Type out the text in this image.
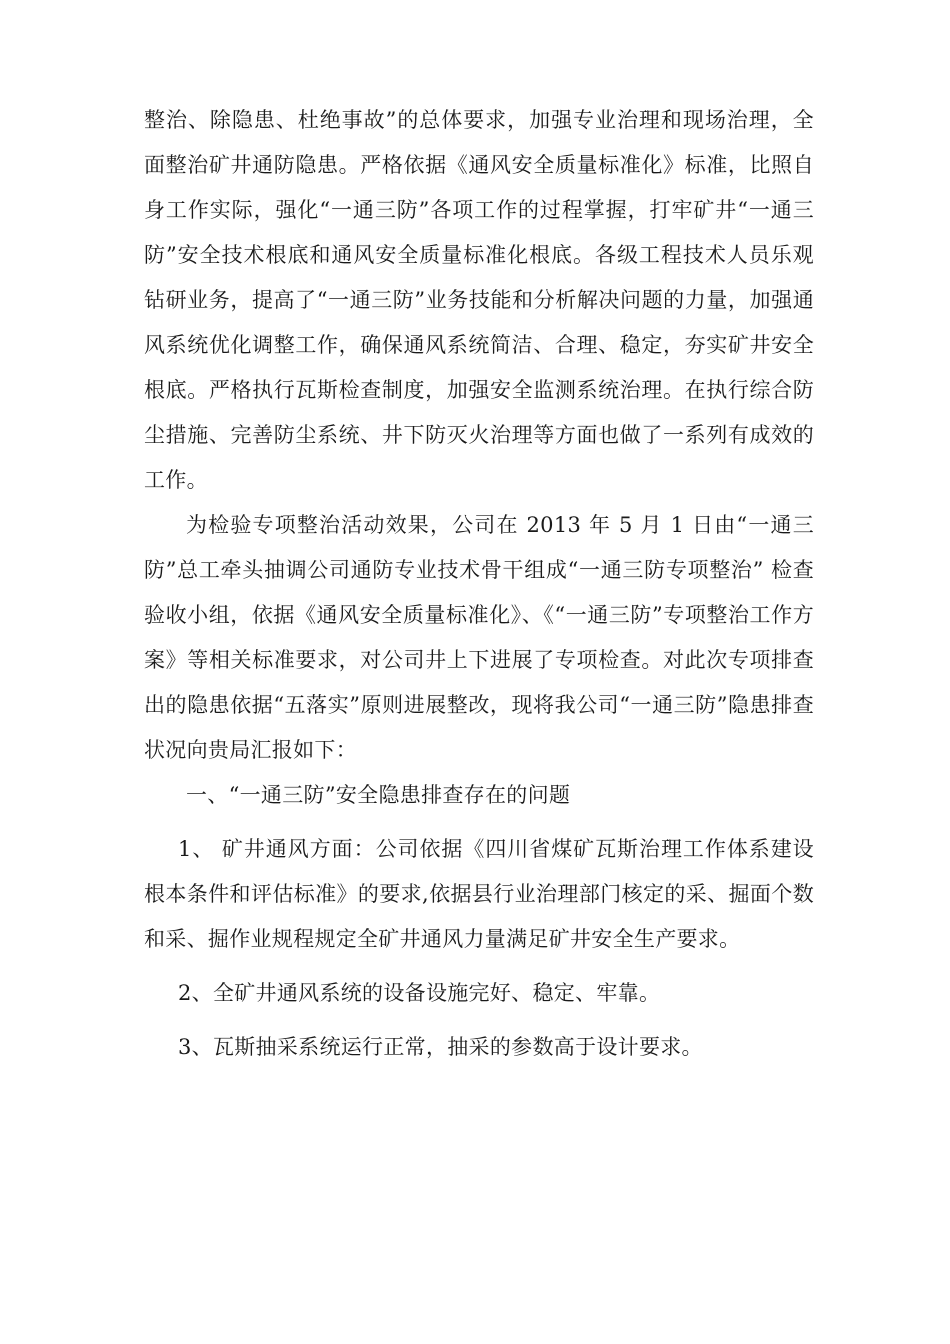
整治、除隐患、杜绝事故”的总体要求，加强专业治理和现场治理，全面整治矿井通防隐患。严格依据《通风安全质量标准化》标准，比照自身工作实际，强化“一通三防”各项工作的过程掌握，打牢矿井“一通三防”安全技术根底和通风安全质量标准化根底。各级工程技术人员乐观钻研业务，提高了“一通三防”业务技能和分析解决问题的力量，加强通风系统优化调整工作，确保通风系统简洁、合理、稳定，夯实矿井安全根底。严格执行瓦斯检查制度，加强安全监测系统治理。在执行综合防尘措施、完善防尘系统、井下防灭火治理等方面也做了一系列有成效的工作。

为检验专项整治活动效果，公司在 2013 年 5 月 1 日由“一通三防”总工牵头抽调公司通防专业技术骨干组成“一通三防专项整治” 检查验收小组，依据《通风安全质量标准化》、《“一通三防”专项整治工作方案》等相关标准要求，对公司井上下进展了专项检查。对此次专项排查出的隐患依据“五落实”原则进展整改，现将我公司“一通三防”隐患排查状况向贵局汇报如下：

一、“一通三防”安全隐患排查存在的问题

1、 矿井通风方面：公司依据《四川省煤矿瓦斯治理工作体系建设根本条件和评估标准》的要求,依据县行业治理部门核定的采、掘面个数和采、掘作业规程规定全矿井通风力量满足矿井安全生产要求。

2、全矿井通风系统的设备设施完好、稳定、牢靠。

3、瓦斯抽采系统运行正常，抽采的参数高于设计要求。
